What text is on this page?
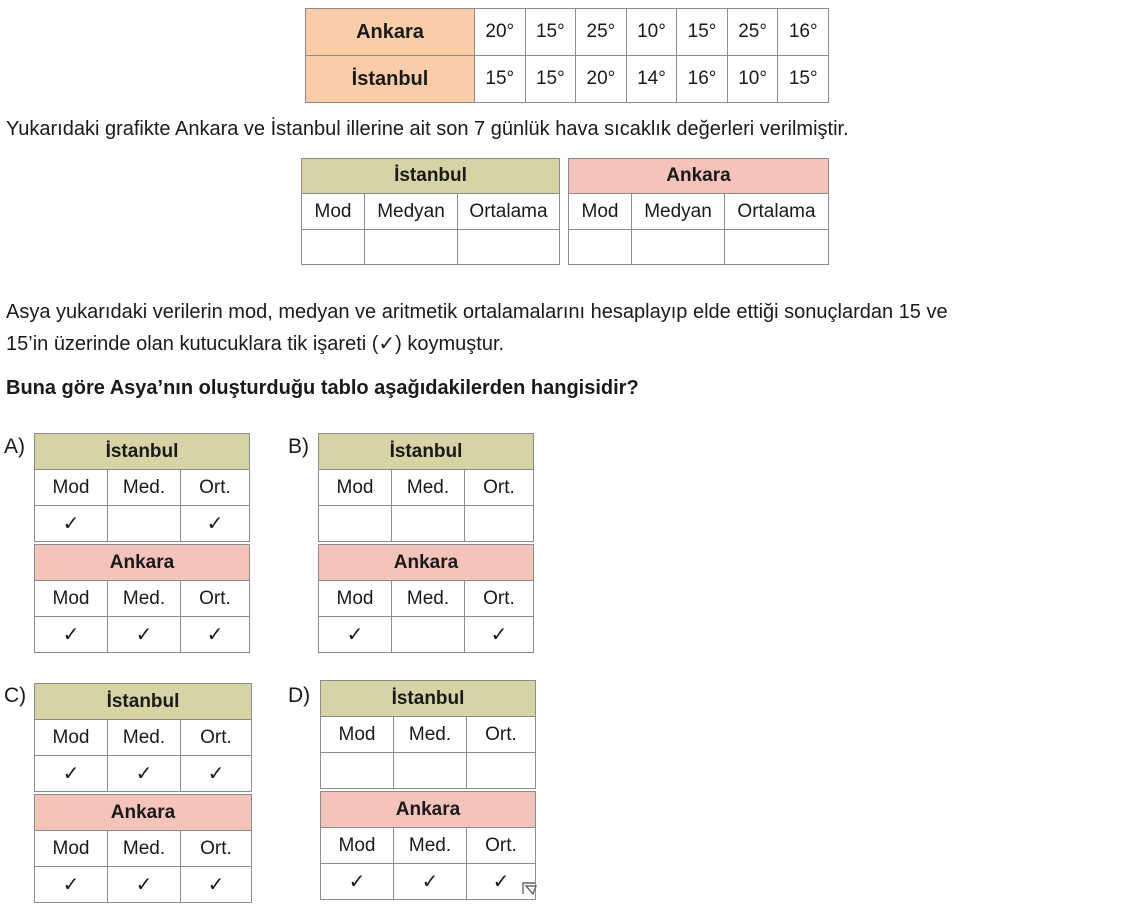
Ankara	20°	15°	25°	10°	15°	25°	16°
İstanbul	15°	15°	20°	14°	16°	10°	15°
Yukarıdaki grafikte Ankara ve İstanbul illerine ait son 7 günlük hava sıcaklık değerleri verilmiştir.
İstanbul		
Mod	Medyan	Ortalama

Ankara		
Mod	Medyan	Ortalama

Asya yukarıdaki verilerin mod, medyan ve aritmetik ortalamalarını hesaplayıp elde ettiği sonuçlardan 15 ve
15’in üzerinde olan kutucuklara tik işareti (✓) koymuştur.
Buna göre Asya’nın oluşturduğu tablo aşağıdakilerden hangisidir?
A)	İstanbul		
Mod	Med.	Ort.
✓		✓
Ankara		
Mod	Med.	Ort.
✓	✓	✓
B)	İstanbul		
Mod	Med.	Ort.

Ankara		
Mod	Med.	Ort.
✓		✓
C)	İstanbul		
Mod	Med.	Ort.
✓	✓	✓
Ankara		
Mod	Med.	Ort.
✓	✓	✓
D)	İstanbul		
Mod	Med.	Ort.

Ankara		
Mod	Med.	Ort.
✓	✓	✓
